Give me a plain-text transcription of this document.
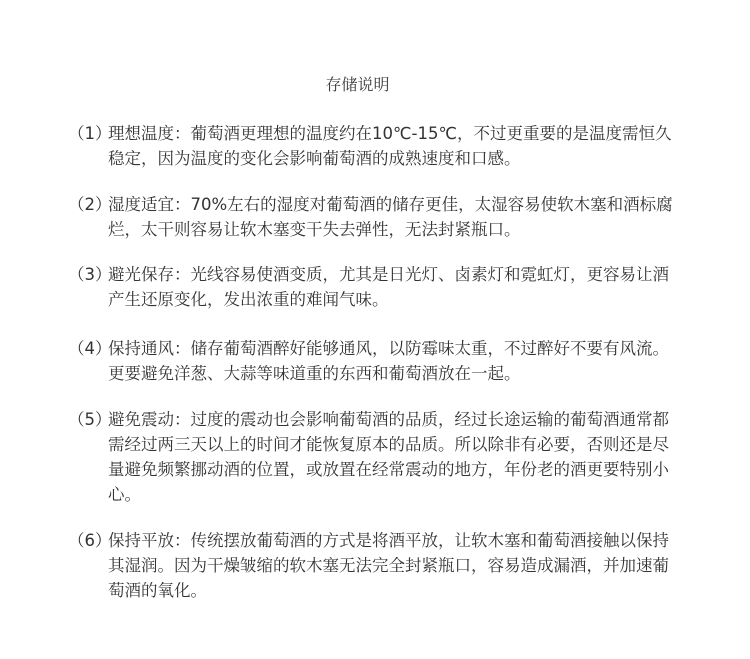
存储说明
（1）
理想温度：葡萄酒更理想的温度约在10℃-15℃，不过更重要的是温度需恒久稳定，因为温度的变化会影响葡萄酒的成熟速度和口感。
（2）
湿度适宜：70%左右的湿度对葡萄酒的储存更佳，太湿容易使软木塞和酒标腐烂，太干则容易让软木塞变干失去弹性，无法封紧瓶口。
（3）
避光保存：光线容易使酒变质，尤其是日光灯、卤素灯和霓虹灯，更容易让酒产生还原变化，发出浓重的难闻气味。
（4）
保持通风：储存葡萄酒醉好能够通风，以防霉味太重，不过醉好不要有风流。更要避免洋葱、大蒜等味道重的东西和葡萄酒放在一起。
（5）
避免震动：过度的震动也会影响葡萄酒的品质，经过长途运输的葡萄酒通常都需经过两三天以上的时间才能恢复原本的品质。所以除非有必要，否则还是尽量避免频繁挪动酒的位置，或放置在经常震动的地方，年份老的酒更要特别小心。
（6）
保持平放：传统摆放葡萄酒的方式是将酒平放，让软木塞和葡萄酒接触以保持其湿润。因为干燥皱缩的软木塞无法完全封紧瓶口，容易造成漏酒，并加速葡萄酒的氧化。
